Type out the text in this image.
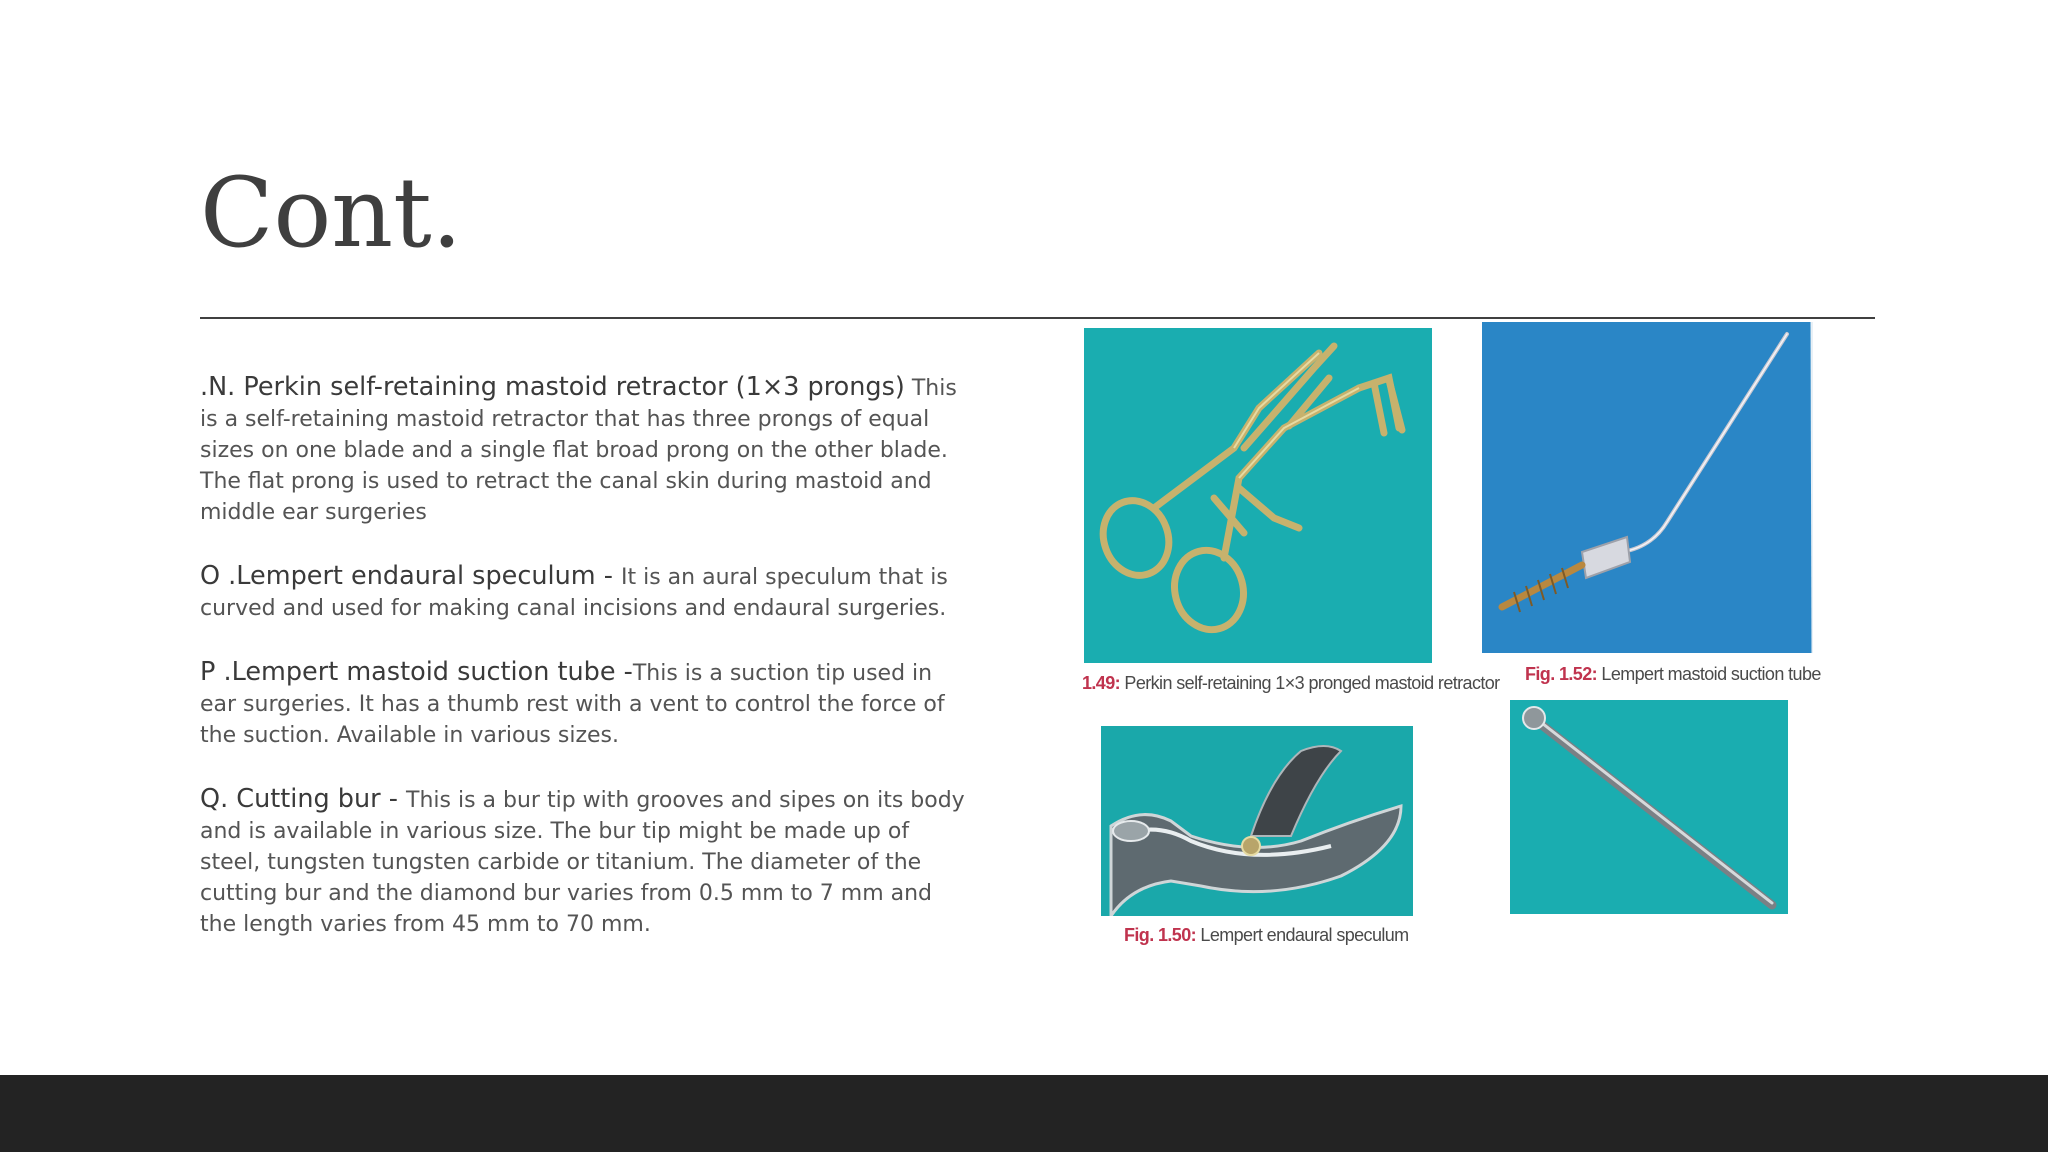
Cont.

.N. Perkin self-retaining mastoid retractor (1×3 prongs) This is a self-retaining mastoid retractor that has three prongs of equal sizes on one blade and a single flat broad prong on the other blade. The flat prong is used to retract the canal skin during mastoid and middle ear surgeries

O .Lempert endaural speculum - It is an aural speculum that is curved and used for making canal incisions and endaural surgeries.

P .Lempert mastoid suction tube -This is a suction tip used in ear surgeries. It has a thumb rest with a vent to control the force of the suction. Available in various sizes.

Q. Cutting bur - This is a bur tip with grooves and sipes on its body and is available in various size. The bur tip might be made up of steel, tungsten tungsten carbide or titanium. The diameter of the cutting bur and the diamond bur varies from 0.5 mm to 7 mm and the length varies from 45 mm to 70 mm.

1.49: Perkin self-retaining 1×3 pronged mastoid retractor Fig. 1.52: Lempert mastoid suction tube
Fig. 1.50: Lempert endaural speculum
